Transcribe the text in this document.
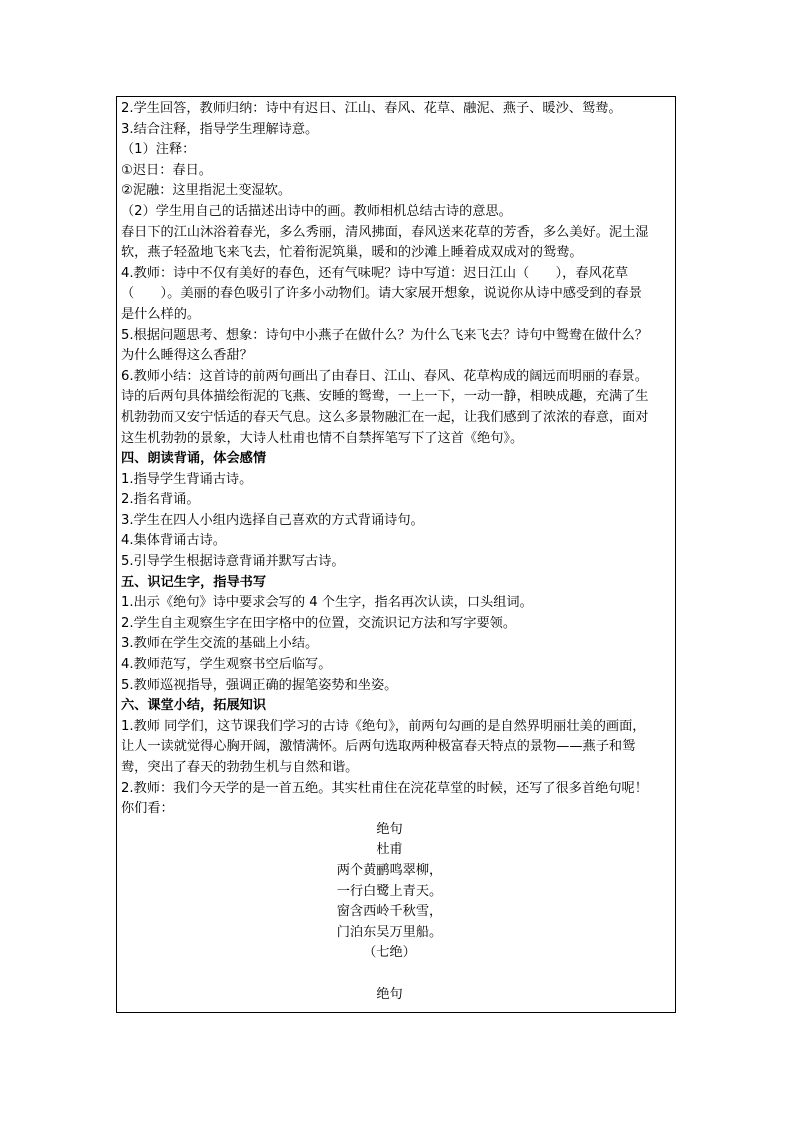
2.学生回答，教师归纳：诗中有迟日、江山、春风、花草、融泥、燕子、暖沙、鸳鸯。
3.结合注释，指导学生理解诗意。
（1）注释：
①迟日：春日。
②泥融：这里指泥土变湿软。
（2）学生用自己的话描述出诗中的画。教师相机总结古诗的意思。
春日下的江山沐浴着春光，多么秀丽，清风拂面，春风送来花草的芳香，多么美好。泥土湿
软，燕子轻盈地飞来飞去，忙着衔泥筑巢，暖和的沙滩上睡着成双成对的鸳鸯。
4.教师：诗中不仅有美好的春色，还有气味呢？诗中写道：迟日江山（　　），春风花草
（　　）。美丽的春色吸引了许多小动物们。请大家展开想象，说说你从诗中感受到的春景
是什么样的。
5.根据问题思考、想象：诗句中小燕子在做什么？为什么飞来飞去？诗句中鸳鸯在做什么？
为什么睡得这么香甜？
6.教师小结：这首诗的前两句画出了由春日、江山、春风、花草构成的阔远而明丽的春景。
诗的后两句具体描绘衔泥的飞燕、安睡的鸳鸯，一上一下，一动一静，相映成趣，充满了生
机勃勃而又安宁恬适的春天气息。这么多景物融汇在一起，让我们感到了浓浓的春意，面对
这生机勃勃的景象，大诗人杜甫也情不自禁挥笔写下了这首《绝句》。
四、朗读背诵，体会感情
1.指导学生背诵古诗。
2.指名背诵。
3.学生在四人小组内选择自己喜欢的方式背诵诗句。
4.集体背诵古诗。
5.引导学生根据诗意背诵并默写古诗。
五、识记生字，指导书写
1.出示《绝句》诗中要求会写的 4 个生字，指名再次认读，口头组词。
2.学生自主观察生字在田字格中的位置，交流识记方法和写字要领。
3.教师在学生交流的基础上小结。
4.教师范写，学生观察书空后临写。
5.教师巡视指导，强调正确的握笔姿势和坐姿。
六、课堂小结，拓展知识
1.教师 同学们，这节课我们学习的古诗《绝句》，前两句勾画的是自然界明丽壮美的画面，
让人一读就觉得心胸开阔，激情满怀。后两句选取两种极富春天特点的景物——燕子和鸳
鸯，突出了春天的勃勃生机与自然和谐。
2.教师：我们今天学的是一首五绝。其实杜甫住在浣花草堂的时候，还写了很多首绝句呢！
你们看：
绝句
杜甫
两个黄鹂鸣翠柳，
一行白鹭上青天。
窗含西岭千秋雪，
门泊东吴万里船。
（七绝）
绝句
